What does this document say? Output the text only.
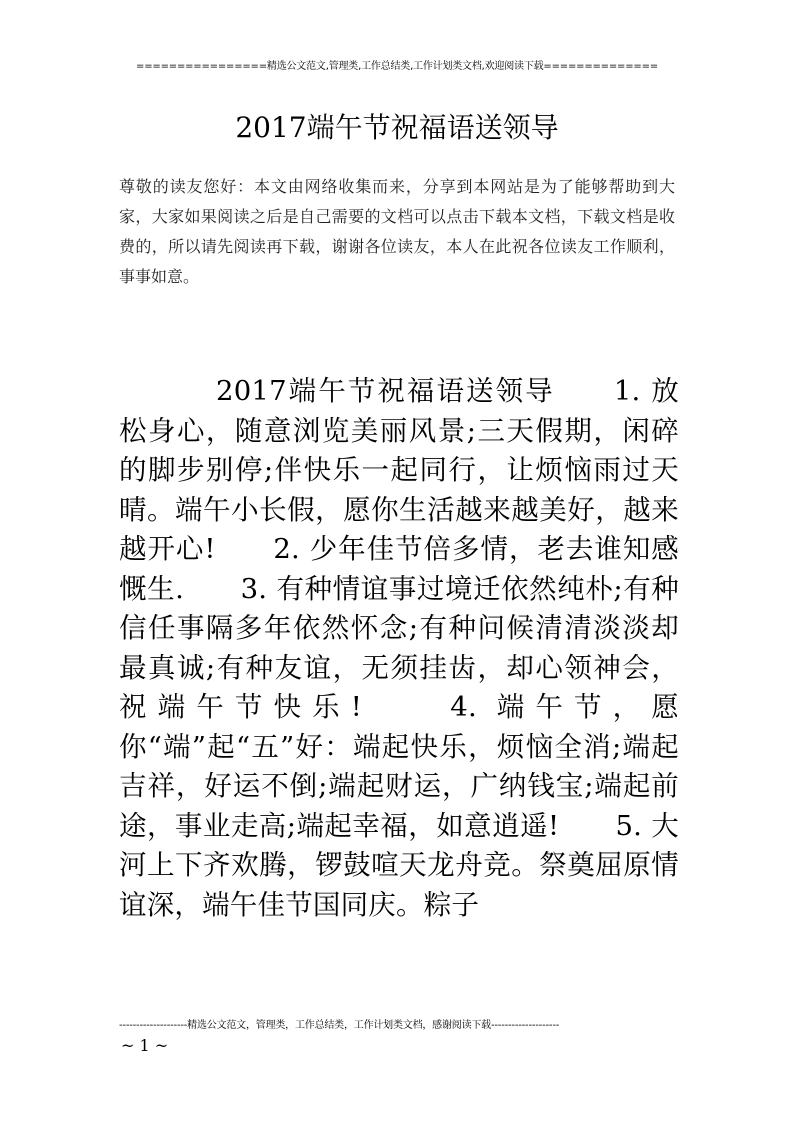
================精选公文范文,管理类,工作总结类,工作计划类文档,欢迎阅读下载==============
2017端午节祝福语送领导

尊敬的读友您好：本文由网络收集而来，分享到本网站是为了能够帮助到大家，大家如果阅读之后是自己需要的文档可以点击下载本文档，下载文档是收费的，所以请先阅读再下载，谢谢各位读友，本人在此祝各位读友工作顺利，事事如意。

2017端午节祝福语送领导　　1. 放松身心，随意浏览美丽风景;三天假期，闲碎的脚步别停;伴快乐一起同行，让烦恼雨过天晴。端午小长假，愿你生活越来越美好，越来越开心!　　2. 少年佳节倍多情，老去谁知感慨生.　　3. 有种情谊事过境迁依然纯朴;有种信任事隔多年依然怀念;有种问候清清淡淡却最真诚;有种友谊，无须挂齿，却心领神会，祝端午节快乐!　　4. 端午节，愿你“端”起“五”好：端起快乐，烦恼全消;端起吉祥，好运不倒;端起财运，广纳钱宝;端起前途，事业走高;端起幸福，如意逍遥!　　5. 大河上下齐欢腾，锣鼓喧天龙舟竞。祭奠屈原情谊深，端午佳节国同庆。粽子

--------------------精选公文范文，管理类，工作总结类，工作计划类文档，感谢阅读下载--------------------
~ 1 ~
